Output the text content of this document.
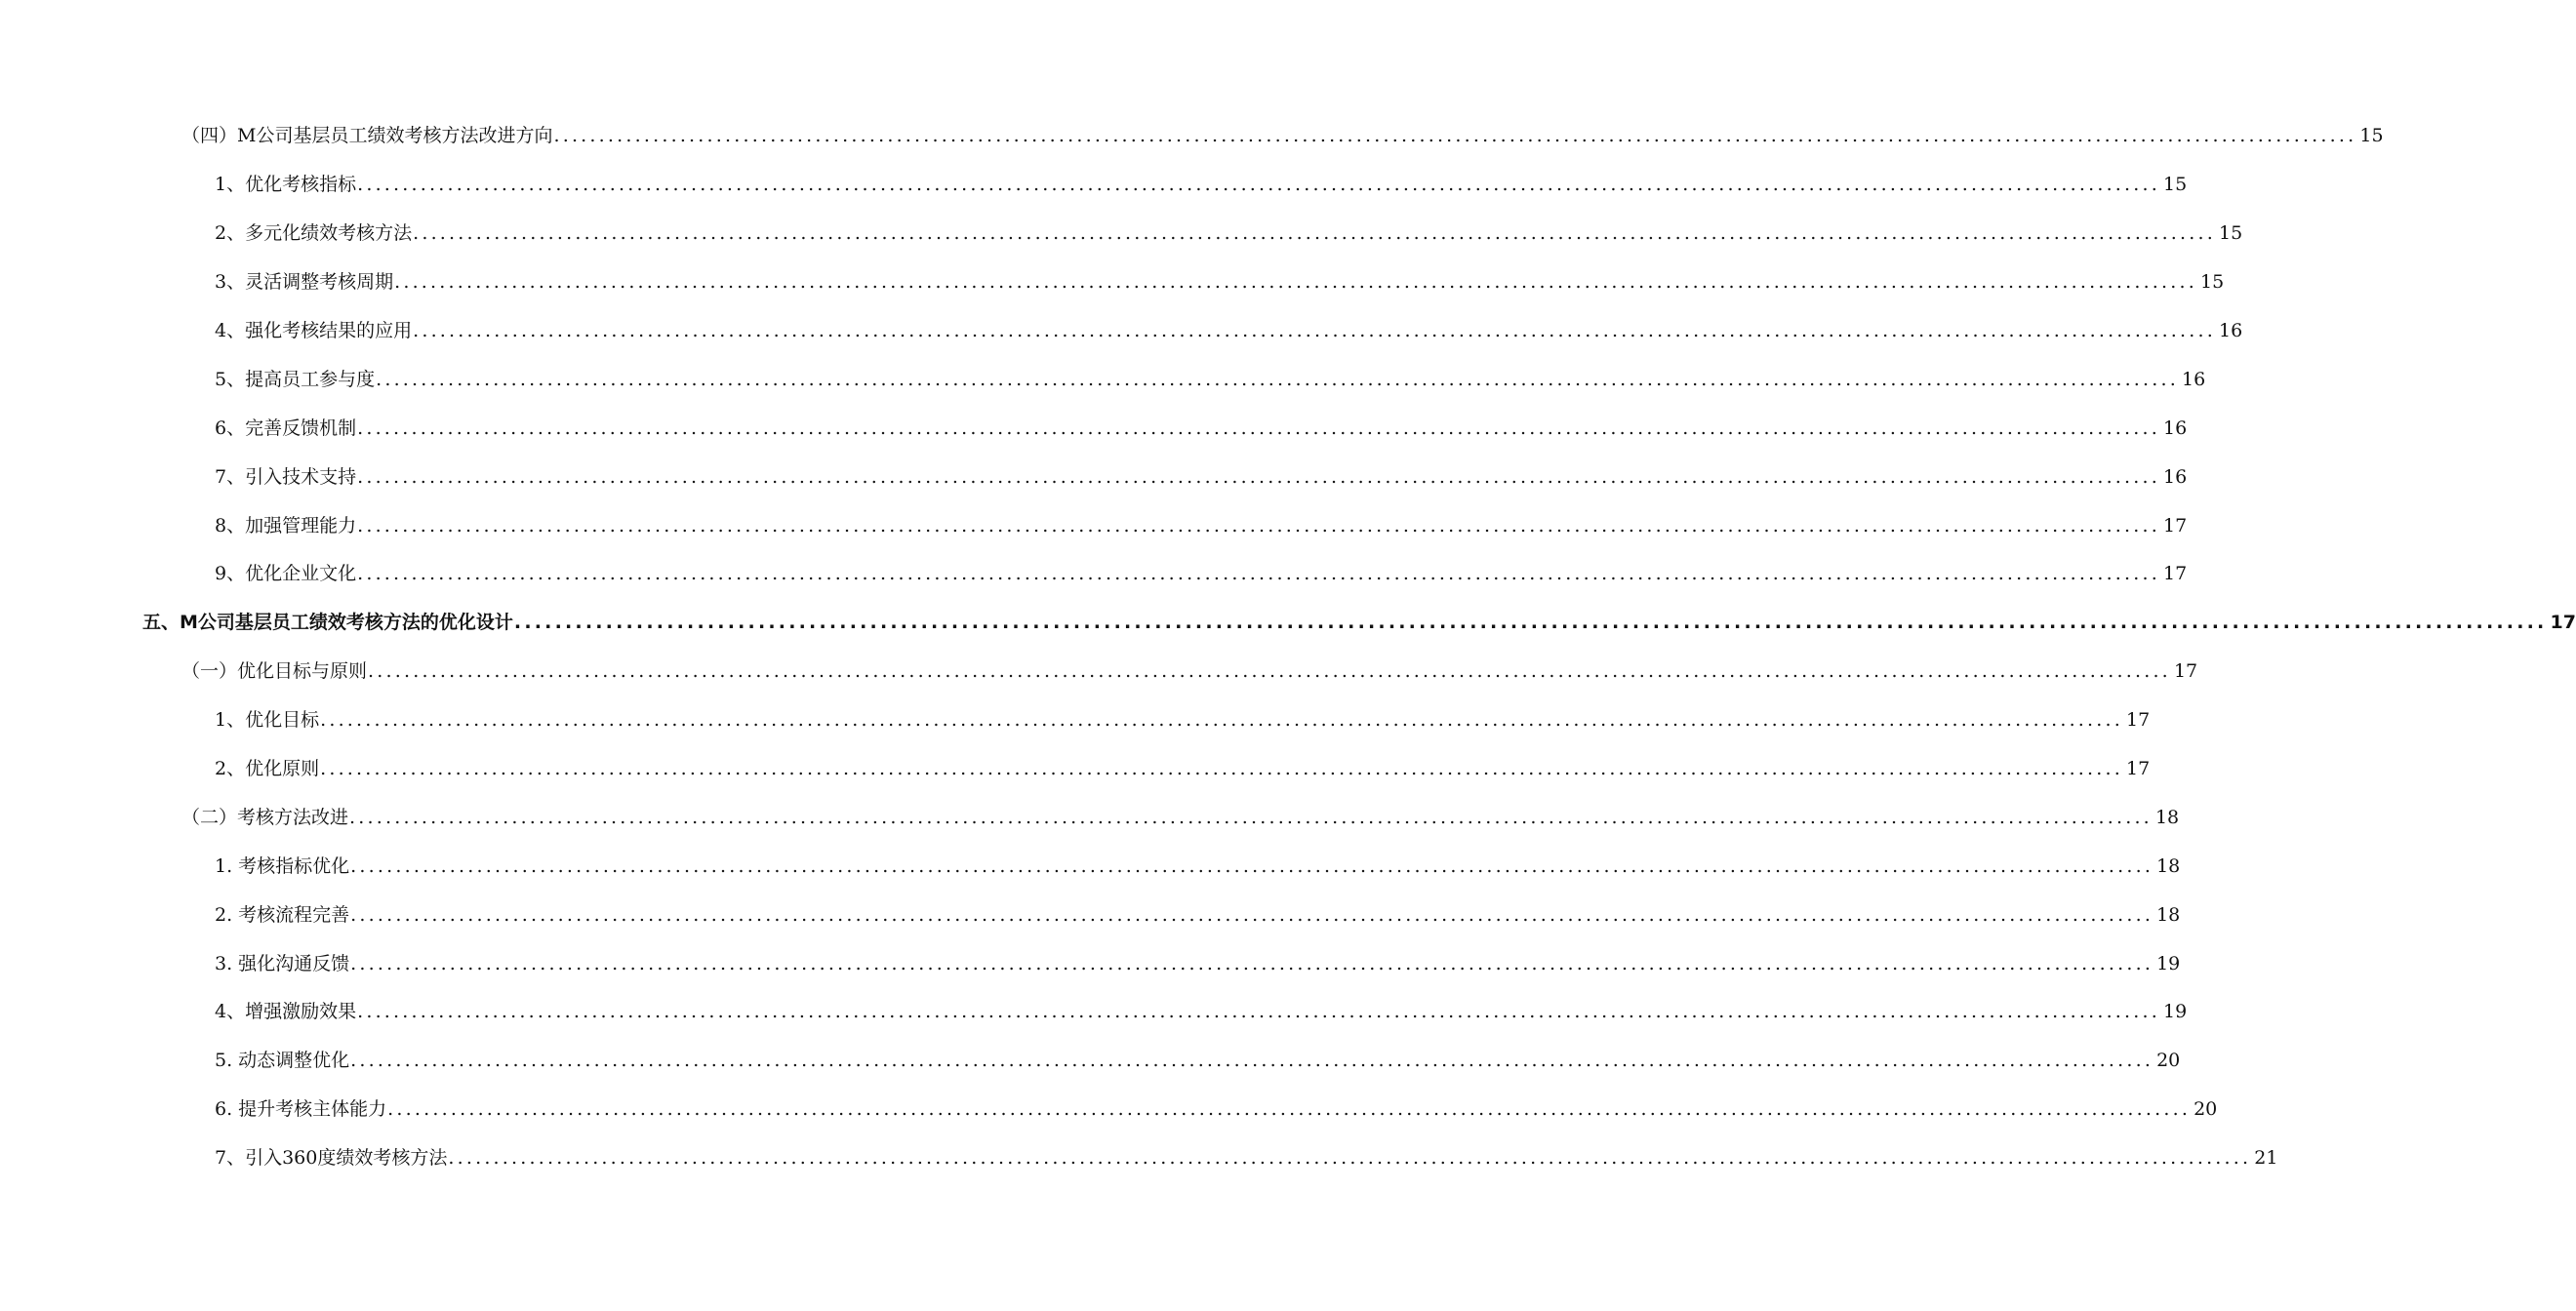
（四）M公司基层员工绩效考核方法改进方向 ........................................................................................................................................................................................................ 15
1、优化考核指标 ........................................................................................................................................................................................................ 15
2、多元化绩效考核方法 ........................................................................................................................................................................................................ 15
3、灵活调整考核周期 ........................................................................................................................................................................................................ 15
4、强化考核结果的应用 ........................................................................................................................................................................................................ 16
5、提高员工参与度 ........................................................................................................................................................................................................ 16
6、完善反馈机制 ........................................................................................................................................................................................................ 16
7、引入技术支持 ........................................................................................................................................................................................................ 16
8、加强管理能力 ........................................................................................................................................................................................................ 17
9、优化企业文化 ........................................................................................................................................................................................................ 17
五、M公司基层员工绩效考核方法的优化设计 ........................................................................................................................................................................................................ 17
（一）优化目标与原则 ........................................................................................................................................................................................................ 17
1、优化目标 ........................................................................................................................................................................................................ 17
2、优化原则 ........................................................................................................................................................................................................ 17
（二）考核方法改进 ........................................................................................................................................................................................................ 18
1. 考核指标优化 ........................................................................................................................................................................................................ 18
2. 考核流程完善 ........................................................................................................................................................................................................ 18
3. 强化沟通反馈 ........................................................................................................................................................................................................ 19
4、增强激励效果 ........................................................................................................................................................................................................ 19
5. 动态调整优化 ........................................................................................................................................................................................................ 20
6. 提升考核主体能力 ........................................................................................................................................................................................................ 20
7、引入360度绩效考核方法 ........................................................................................................................................................................................................ 21
